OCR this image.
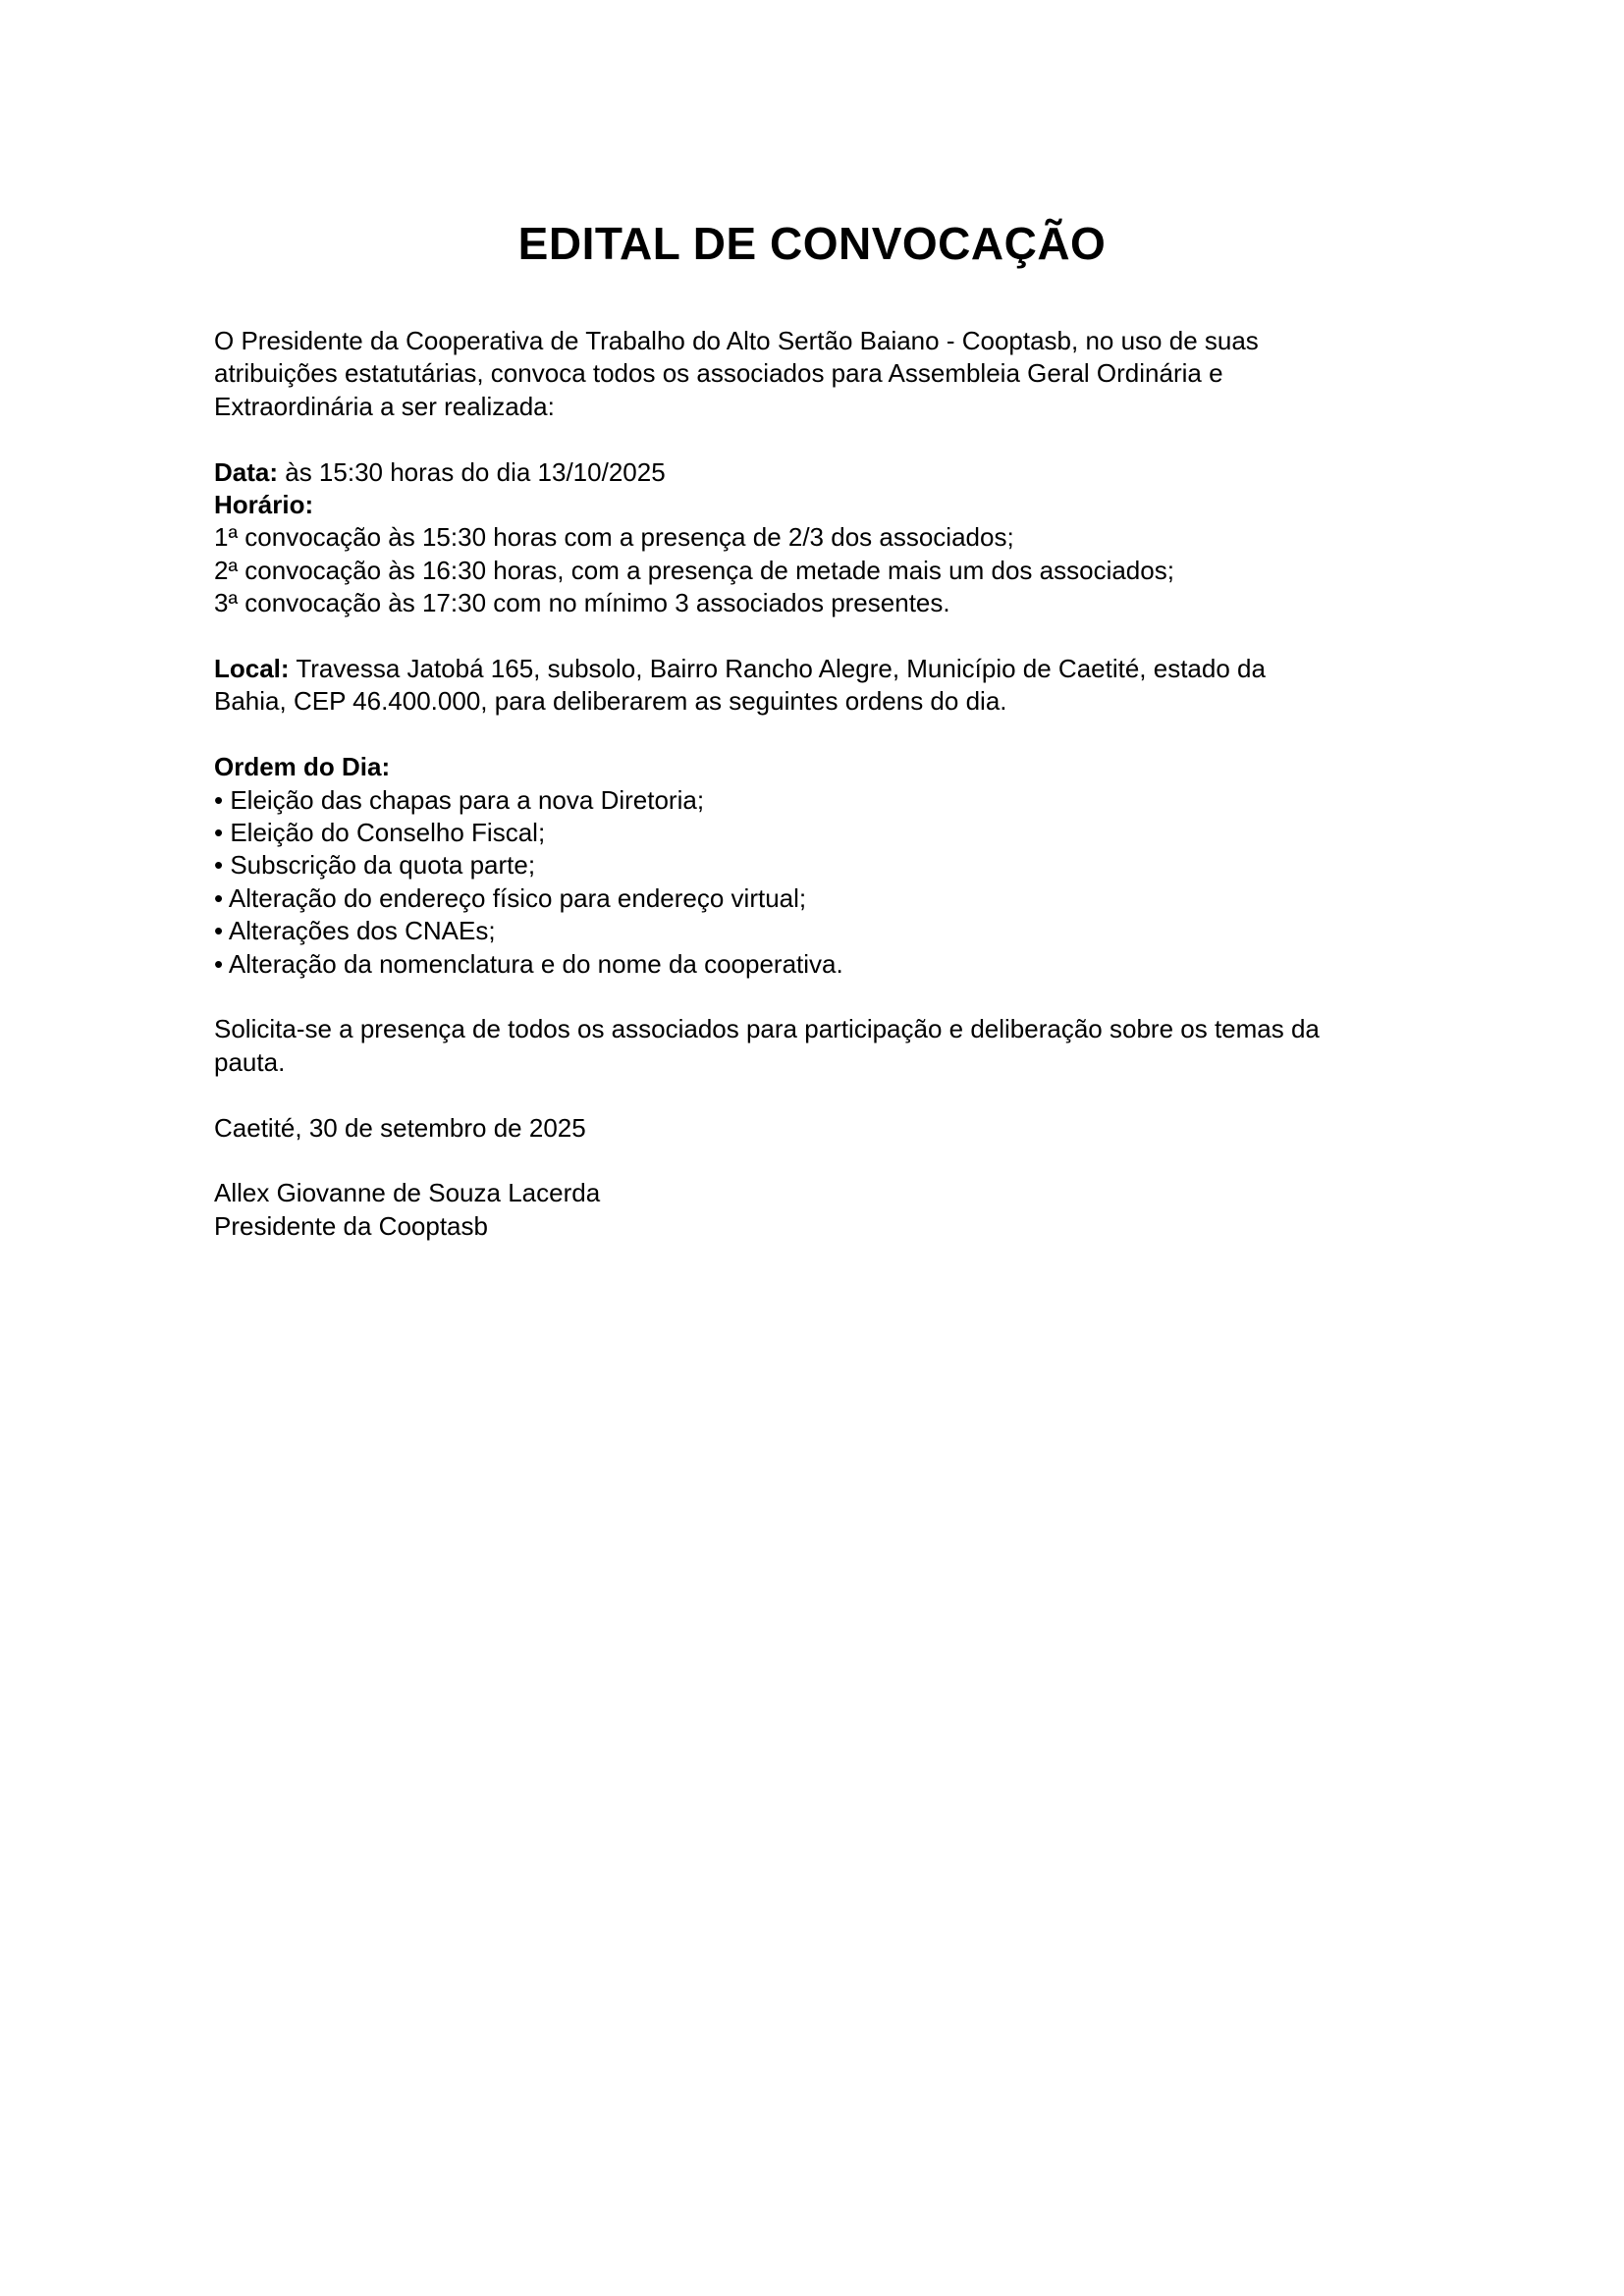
EDITAL DE CONVOCAÇÃO
O Presidente da Cooperativa de Trabalho do Alto Sertão Baiano - Cooptasb, no uso de suas
atribuições estatutárias, convoca todos os associados para Assembleia Geral Ordinária e
Extraordinária a ser realizada:
Data: às 15:30 horas do dia 13/10/2025
Horário:
1ª convocação às 15:30 horas com a presença de 2/3 dos associados;
2ª convocação às 16:30 horas, com a presença de metade mais um dos associados;
3ª convocação às 17:30 com no mínimo 3 associados presentes.
Local: Travessa Jatobá 165, subsolo, Bairro Rancho Alegre, Município de Caetité, estado da
Bahia, CEP 46.400.000, para deliberarem as seguintes ordens do dia.
Ordem do Dia:
• Eleição das chapas para a nova Diretoria;
• Eleição do Conselho Fiscal;
• Subscrição da quota parte;
• Alteração do endereço físico para endereço virtual;
• Alterações dos CNAEs;
• Alteração da nomenclatura e do nome da cooperativa.
Solicita-se a presença de todos os associados para participação e deliberação sobre os temas da
pauta.
Caetité, 30 de setembro de 2025
Allex Giovanne de Souza Lacerda
Presidente da Cooptasb
